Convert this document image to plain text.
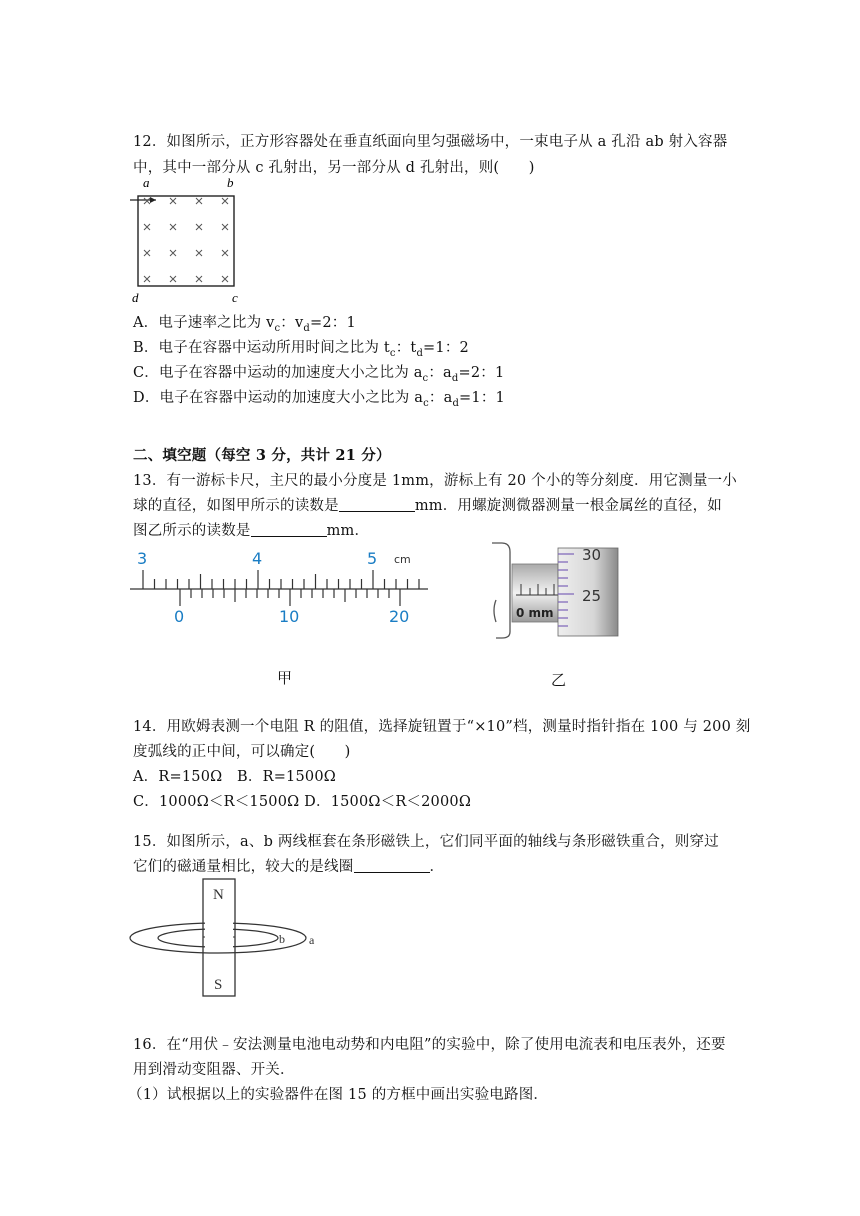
12．如图所示，正方形容器处在垂直纸面向里匀强磁场中，一束电子从 a 孔沿 ab 射入容器
中，其中一部分从 c 孔射出，另一部分从 d 孔射出，则(　　)
a	b
d	c
A．电子速率之比为 $v_c$：$v_d=2$：1
B．电子在容器中运动所用时间之比为 $t_c$：$t_d=1$：2
C．电子在容器中运动的加速度大小之比为 $a_c$：$a_d=2$：1
D．电子在容器中运动的加速度大小之比为 $a_c$：$a_d=1$：1
二、填空题（每空 3 分，共计 21 分）
13．有一游标卡尺，主尺的最小分度是 1mm，游标上有 20 个小的等分刻度．用它测量一小
球的直径，如图甲所示的读数是	mm．用螺旋测微器测量一根金属丝的直径，如
图乙所示的读数是	mm．
3	4	5
0	10	20
cm
0 mm
30
25
甲	乙
14．用欧姆表测一个电阻 R 的阻值，选择旋钮置于“×10”档，测量时指针指在 100 与 200 刻
度弧线的正中间，可以确定(　　)
A．R=150Ω　B．R=1500Ω
C．1000Ω＜R＜1500Ω D．1500Ω＜R＜2000Ω
15．如图所示，a、b 两线框套在条形磁铁上，它们同平面的轴线与条形磁铁重合，则穿过
它们的磁通量相比，较大的是线圈	．
N
S
b a
16．在“用伏﹣安法测量电池电动势和内电阻”的实验中，除了使用电流表和电压表外，还要
用到滑动变阻器、开关．
（1）试根据以上的实验器件在图 15 的方框中画出实验电路图．
